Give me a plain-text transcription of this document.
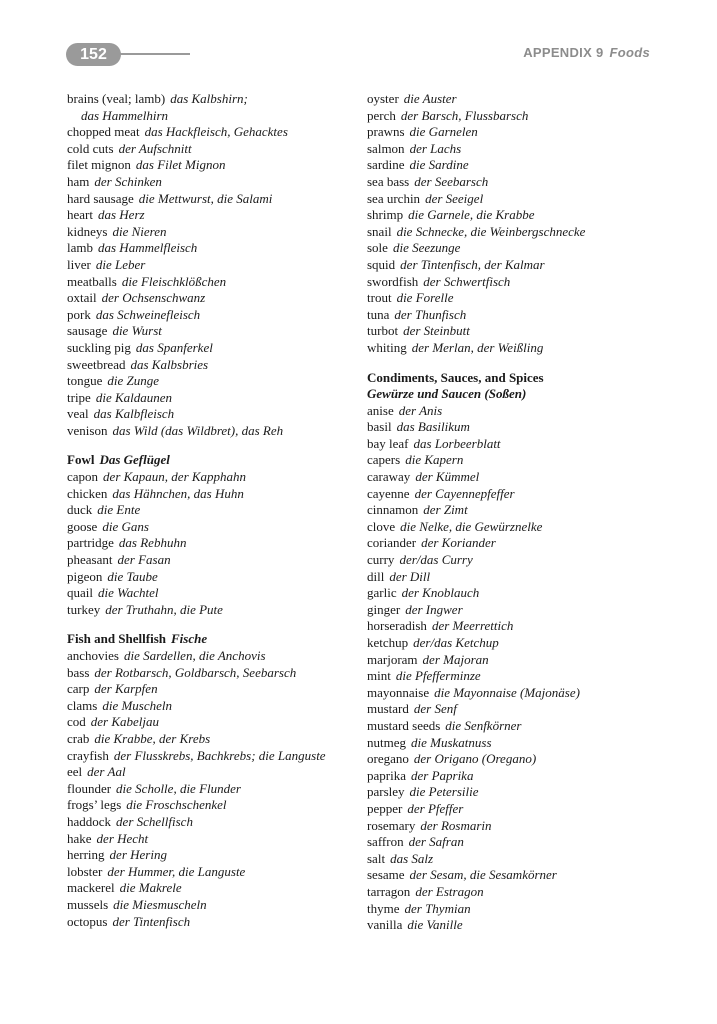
152	APPENDIX 9 Foods
brains (veal; lamb) das Kalbshirn;
das Hammelhirn
chopped meat das Hackfleisch, Gehacktes
cold cuts der Aufschnitt
filet mignon das Filet Mignon
ham der Schinken
hard sausage die Mettwurst, die Salami
heart das Herz
kidneys die Nieren
lamb das Hammelfleisch
liver die Leber
meatballs die Fleischklößchen
oxtail der Ochsenschwanz
pork das Schweinefleisch
sausage die Wurst
suckling pig das Spanferkel
sweetbread das Kalbsbries
tongue die Zunge
tripe die Kaldaunen
veal das Kalbfleisch
venison das Wild (das Wildbret), das Reh
Fowl Das Geflügel
capon der Kapaun, der Kapphahn
chicken das Hähnchen, das Huhn
duck die Ente
goose die Gans
partridge das Rebhuhn
pheasant der Fasan
pigeon die Taube
quail die Wachtel
turkey der Truthahn, die Pute
Fish and Shellfish Fische
anchovies die Sardellen, die Anchovis
bass der Rotbarsch, Goldbarsch, Seebarsch
carp der Karpfen
clams die Muscheln
cod der Kabeljau
crab die Krabbe, der Krebs
crayfish der Flusskrebs, Bachkrebs; die Languste
eel der Aal
flounder die Scholle, die Flunder
frogs’ legs die Froschschenkel
haddock der Schellfisch
hake der Hecht
herring der Hering
lobster der Hummer, die Languste
mackerel die Makrele
mussels die Miesmuscheln
octopus der Tintenfisch
oyster die Auster
perch der Barsch, Flussbarsch
prawns die Garnelen
salmon der Lachs
sardine die Sardine
sea bass der Seebarsch
sea urchin der Seeigel
shrimp die Garnele, die Krabbe
snail die Schnecke, die Weinbergschnecke
sole die Seezunge
squid der Tintenfisch, der Kalmar
swordfish der Schwertfisch
trout die Forelle
tuna der Thunfisch
turbot der Steinbutt
whiting der Merlan, der Weißling
Condiments, Sauces, and Spices
Gewürze und Saucen (Soßen)
anise der Anis
basil das Basilikum
bay leaf das Lorbeerblatt
capers die Kapern
caraway der Kümmel
cayenne der Cayennepfeffer
cinnamon der Zimt
clove die Nelke, die Gewürznelke
coriander der Koriander
curry der/das Curry
dill der Dill
garlic der Knoblauch
ginger der Ingwer
horseradish der Meerrettich
ketchup der/das Ketchup
marjoram der Majoran
mint die Pfefferminze
mayonnaise die Mayonnaise (Majonäse)
mustard der Senf
mustard seeds die Senfkörner
nutmeg die Muskatnuss
oregano der Origano (Oregano)
paprika der Paprika
parsley die Petersilie
pepper der Pfeffer
rosemary der Rosmarin
saffron der Safran
salt das Salz
sesame der Sesam, die Sesamkörner
tarragon der Estragon
thyme der Thymian
vanilla die Vanille
